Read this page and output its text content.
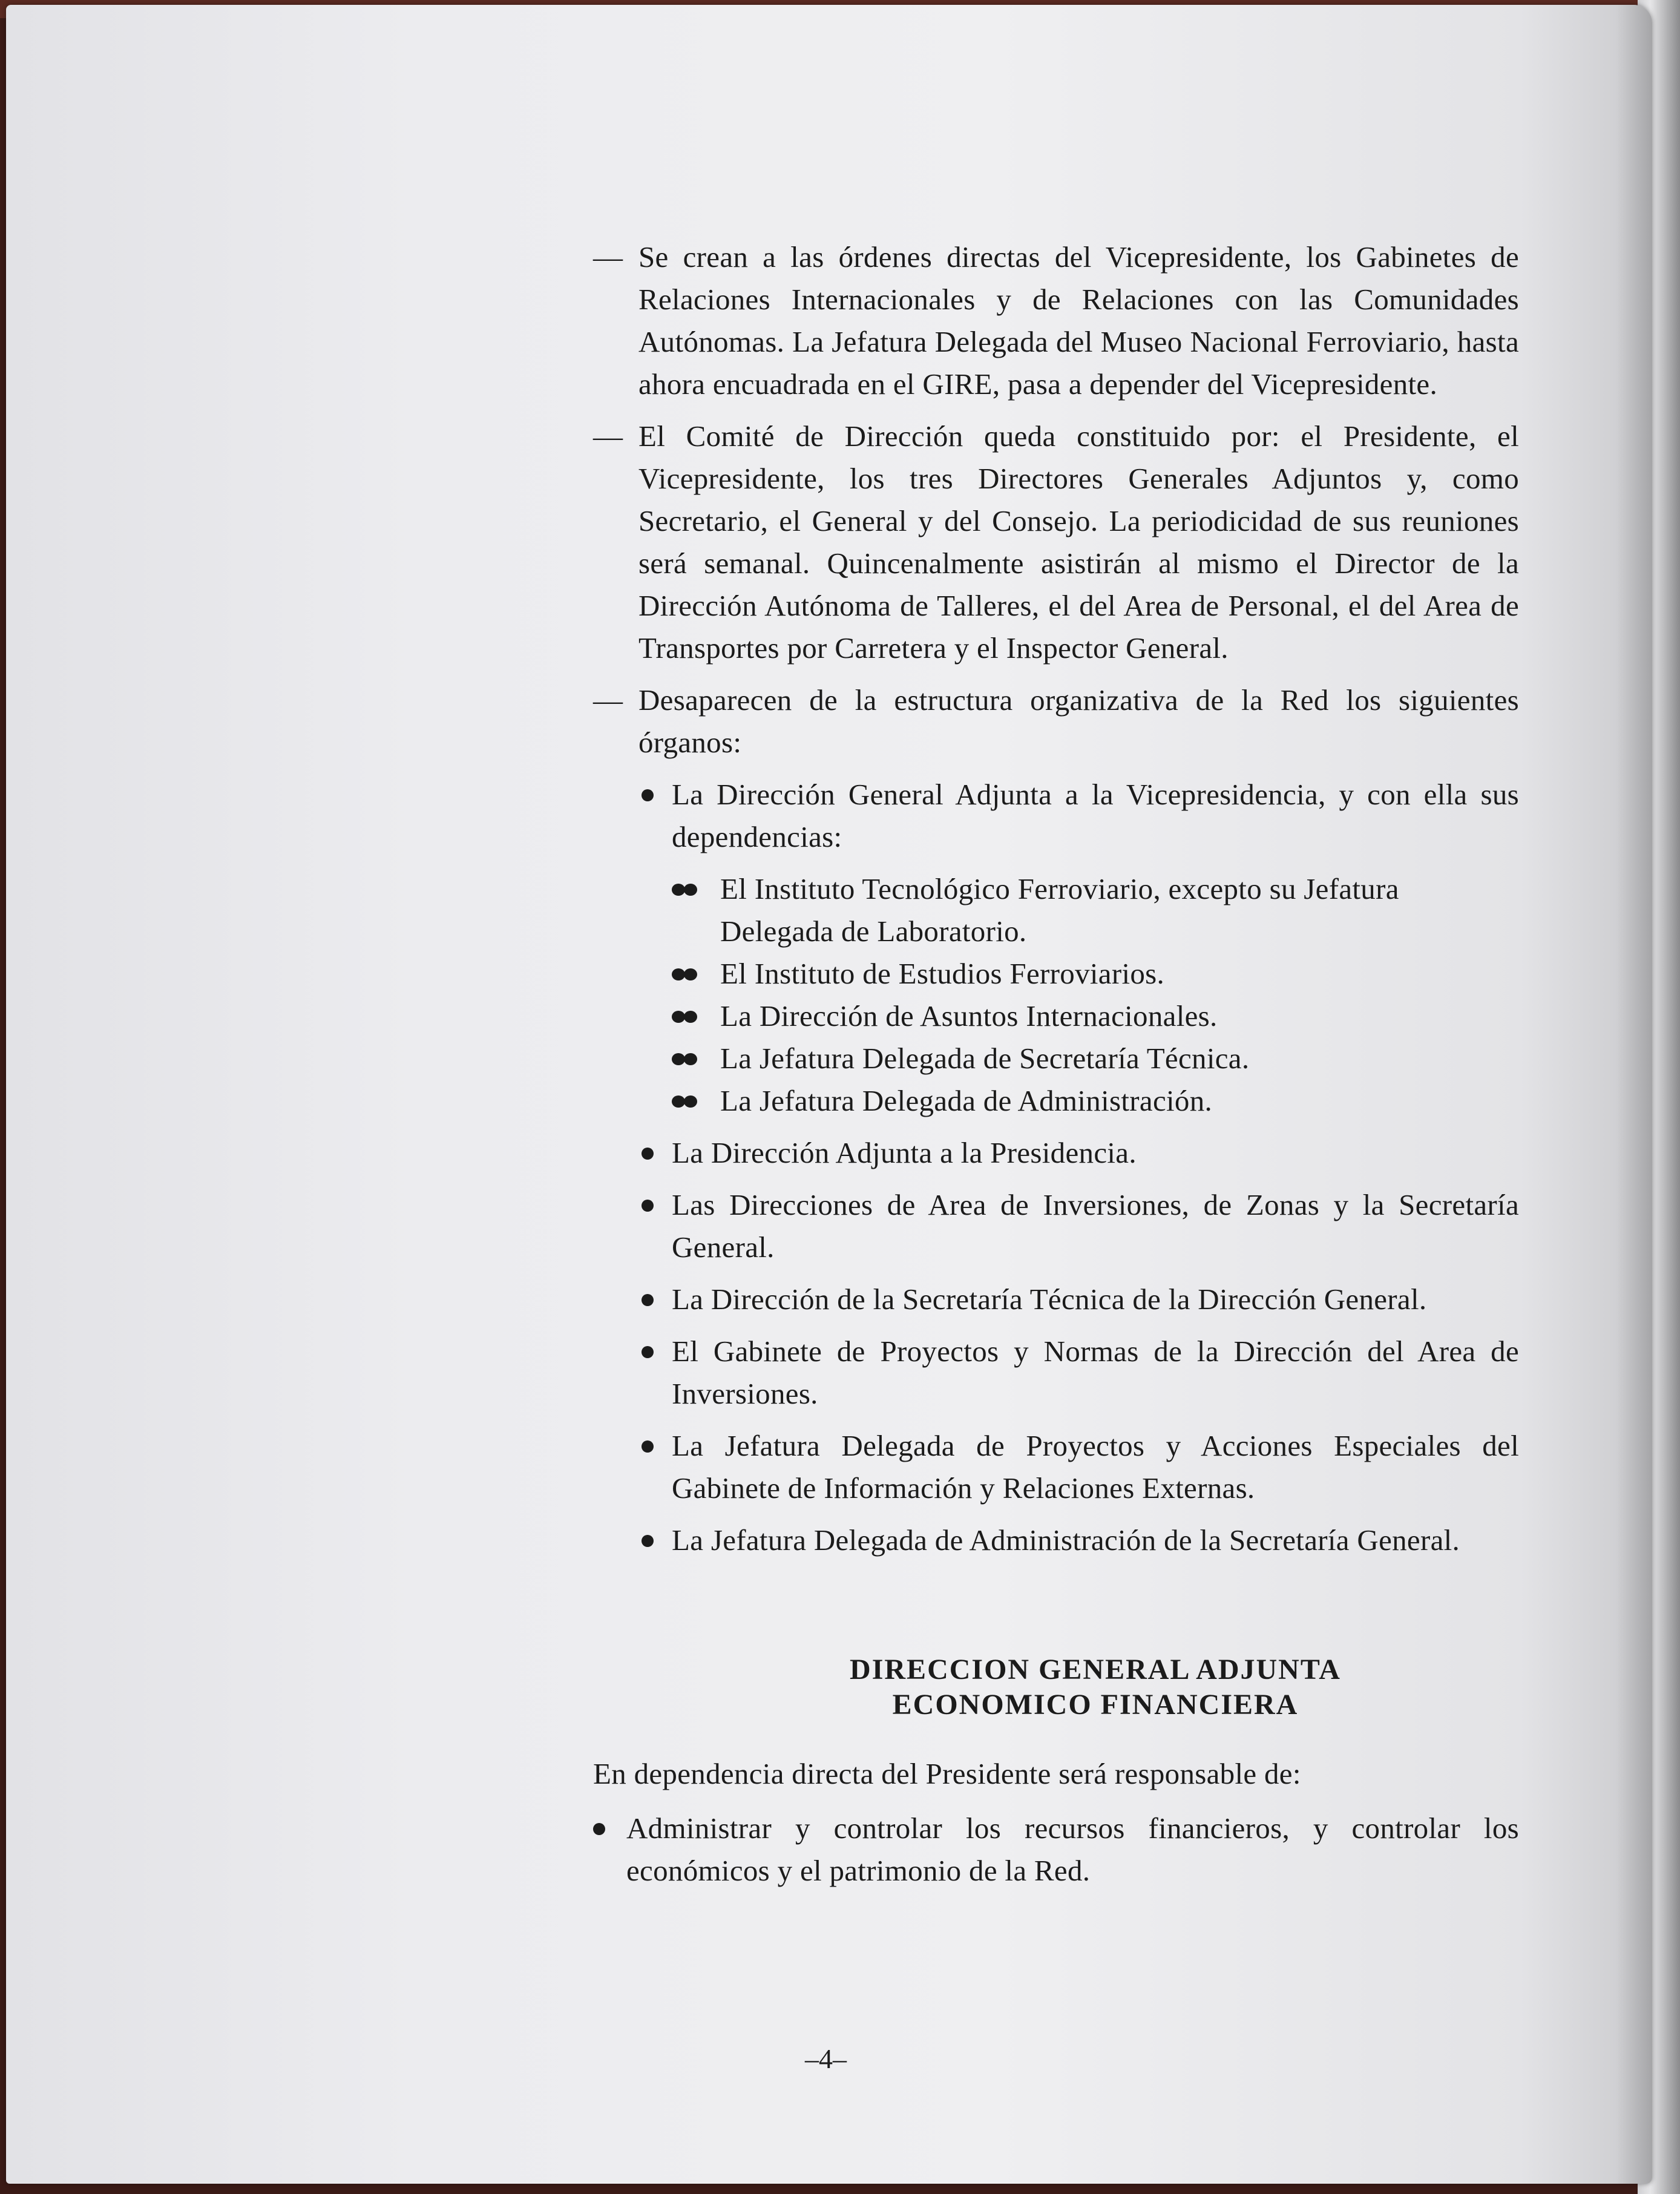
— Se crean a las órdenes directas del Vicepresidente, los Gabinetes de Relaciones Internacionales y de Relaciones con las Comunidades Autónomas. La Jefatura Delegada del Museo Nacional Ferroviario, hasta ahora encuadrada en el GIRE, pasa a depender del Vicepresidente.
— El Comité de Dirección queda constituido por: el Presidente, el Vicepresidente, los tres Directores Generales Adjuntos y, como Secretario, el General y del Consejo. La periodicidad de sus reuniones será semanal. Quincenalmente asistirán al mismo el Director de la Dirección Autónoma de Talleres, el del Area de Personal, el del Area de Transportes por Carretera y el Inspector General.
— Desaparecen de la estructura organizativa de la Red los siguientes órganos:
La Dirección General Adjunta a la Vicepresidencia, y con ella sus dependencias:
El Instituto Tecnológico Ferroviario, excepto su Jefatura Delegada de Laboratorio.
El Instituto de Estudios Ferroviarios.
La Dirección de Asuntos Internacionales.
La Jefatura Delegada de Secretaría Técnica.
La Jefatura Delegada de Administración.
La Dirección Adjunta a la Presidencia.
Las Direcciones de Area de Inversiones, de Zonas y la Secretaría General.
La Dirección de la Secretaría Técnica de la Dirección General.
El Gabinete de Proyectos y Normas de la Dirección del Area de Inversiones.
La Jefatura Delegada de Proyectos y Acciones Especiales del Gabinete de Información y Relaciones Externas.
La Jefatura Delegada de Administración de la Secretaría General.
DIRECCION GENERAL ADJUNTA
ECONOMICO FINANCIERA
En dependencia directa del Presidente será responsable de:
Administrar y controlar los recursos financieros, y controlar los económicos y el patrimonio de la Red.
–4–
